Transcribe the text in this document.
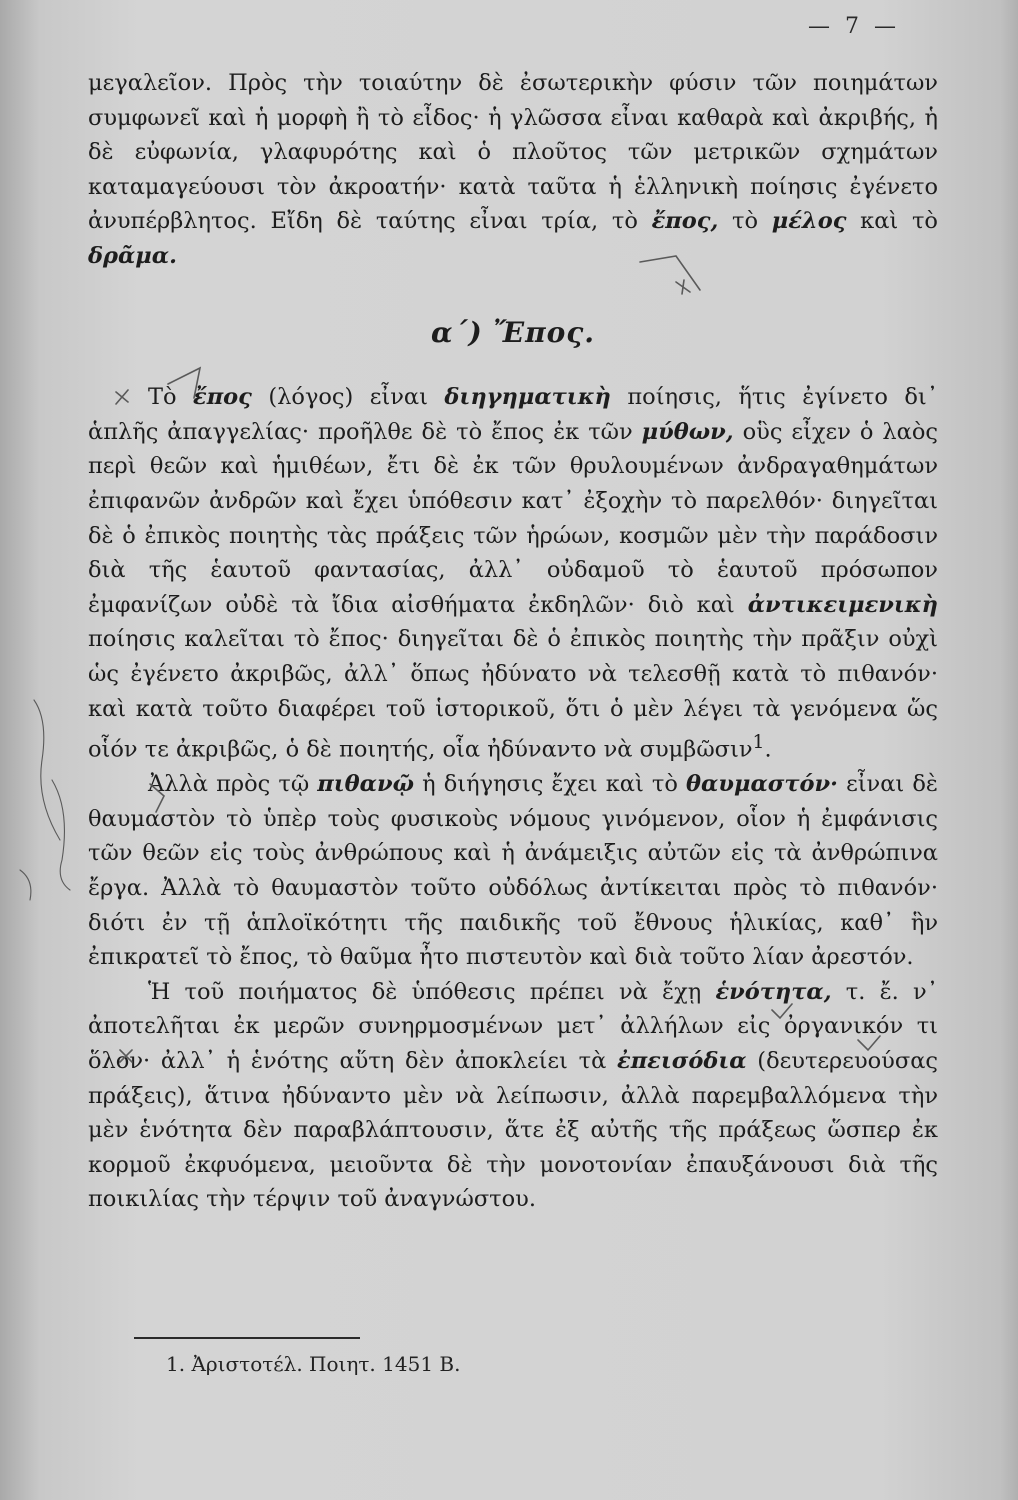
— 7 —

μεγαλεῖον. Πρὸς τὴν τοιαύτην δὲ ἐσωτερικὴν φύσιν τῶν ποιημάτων συμφωνεῖ καὶ ἡ μορφὴ ἢ τὸ εἶδος· ἡ γλῶσσα εἶναι καθαρὰ καὶ ἀκριβής, ἡ δὲ εὐφωνία, γλαφυρότης καὶ ὁ πλοῦτος τῶν μετρικῶν σχημάτων καταμαγεύουσι τὸν ἀκροατήν· κατὰ ταῦτα ἡ ἑλληνικὴ ποίησις ἐγένετο ἀνυπέρβλητος. Εἴδη δὲ ταύτης εἶναι τρία, τὸ ἔπος, τὸ μέλος καὶ τὸ δρᾶμα.

α΄) Ἔπος.

Τὸ ἔπος (λόγος) εἶναι διηγηματικὴ ποίησις, ἥτις ἐγίνετο δι᾽ ἁπλῆς ἀπαγγελίας· προῆλθε δὲ τὸ ἔπος ἐκ τῶν μύθων, οὓς εἶχεν ὁ λαὸς περὶ θεῶν καὶ ἡμιθέων, ἔτι δὲ ἐκ τῶν θρυλουμένων ἀνδραγαθημάτων ἐπιφανῶν ἀνδρῶν καὶ ἔχει ὑπόθεσιν κατ᾽ ἐξοχὴν τὸ παρελθόν· διηγεῖται δὲ ὁ ἐπικὸς ποιητὴς τὰς πράξεις τῶν ἡρώων, κοσμῶν μὲν τὴν παράδοσιν διὰ τῆς ἑαυτοῦ φαντασίας, ἀλλ᾽ οὐδαμοῦ τὸ ἑαυτοῦ πρόσωπον ἐμφανίζων οὐδὲ τὰ ἴδια αἰσθήματα ἐκδηλῶν· διὸ καὶ ἀντικειμενικὴ ποίησις καλεῖται τὸ ἔπος· διηγεῖται δὲ ὁ ἐπικὸς ποιητὴς τὴν πρᾶξιν οὐχὶ ὡς ἐγένετο ἀκριβῶς, ἀλλ᾽ ὅπως ἠδύνατο νὰ τελεσθῇ κατὰ τὸ πιθανόν· καὶ κατὰ τοῦτο διαφέρει τοῦ ἱστορικοῦ, ὅτι ὁ μὲν λέγει τὰ γενόμενα ὥς οἷόν τε ἀκριβῶς, ὁ δὲ ποιητής, οἷα ἠδύναντο νὰ συμβῶσιν$^1$.

Ἀλλὰ πρὸς τῷ πιθανῷ ἡ διήγησις ἔχει καὶ τὸ θαυμαστόν· εἶναι δὲ θαυμαστὸν τὸ ὑπὲρ τοὺς φυσικοὺς νόμους γινόμενον, οἷον ἡ ἐμφάνισις τῶν θεῶν εἰς τοὺς ἀνθρώπους καὶ ἡ ἀνάμειξις αὐτῶν εἰς τὰ ἀνθρώπινα ἔργα. Ἀλλὰ τὸ θαυμαστὸν τοῦτο οὐδόλως ἀντίκειται πρὸς τὸ πιθανόν· διότι ἐν τῇ ἁπλοϊκότητι τῆς παιδικῆς τοῦ ἔθνους ἡλικίας, καθ᾽ ἣν ἐπικρατεῖ τὸ ἔπος, τὸ θαῦμα ἦτο πιστευτὸν καὶ διὰ τοῦτο λίαν ἀρεστόν.

Ἡ τοῦ ποιήματος δὲ ὑπόθεσις πρέπει νὰ ἔχῃ ἑνότητα, τ. ἔ. ν᾽ ἀποτελῆται ἐκ μερῶν συνηρμοσμένων μετ᾽ ἀλλήλων εἰς ὀργανικόν τι ὅλον· ἀλλ᾽ ἡ ἑνότης αὕτη δὲν ἀποκλείει τὰ ἐπεισόδια (δευτερευούσας πράξεις), ἅτινα ἠδύναντο μὲν νὰ λείπωσιν, ἀλλὰ παρεμβαλλόμενα τὴν μὲν ἑνότητα δὲν παραβλάπτουσιν, ἅτε ἐξ αὐτῆς τῆς πράξεως ὥσπερ ἐκ κορμοῦ ἐκφυόμενα, μειοῦντα δὲ τὴν μονοτονίαν ἐπαυξάνουσι διὰ τῆς ποικιλίας τὴν τέρψιν τοῦ ἀναγνώστου.

1. Ἀριστοτέλ. Ποιητ. 1451 Β.
